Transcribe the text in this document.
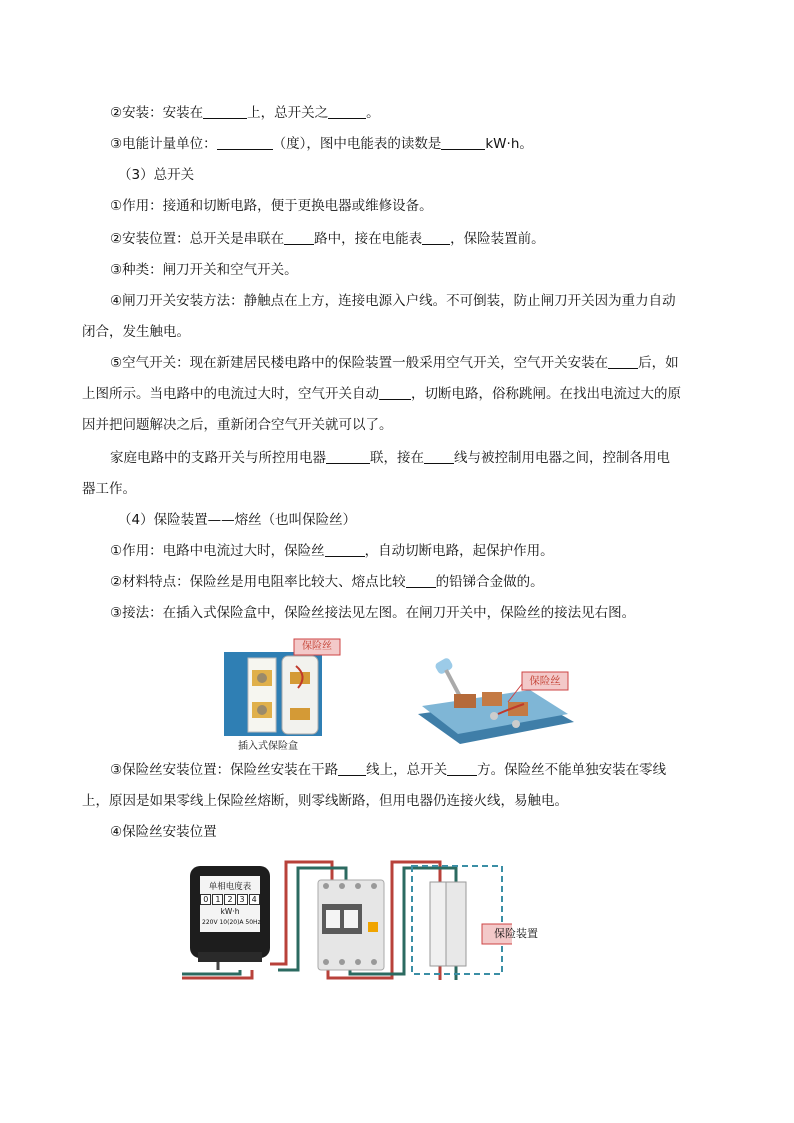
②安装：安装在	上，总开关之	。
③电能计量单位：	（度），图中电能表的读数是	kW·h。
（3）总开关
①作用：接通和切断电路，便于更换电器或维修设备。
②安装位置：总开关是串联在 路中，接在电能表 ，保险装置前。
③种类：闸刀开关和空气开关。
④闸刀开关安装方法：静触点在上方，连接电源入户线。不可倒装，防止闸刀开关因为重力自动
闭合，发生触电。
⑤空气开关：现在新建居民楼电路中的保险装置一般采用空气开关，空气开关安装在 后，如
上图所示。当电路中的电流过大时，空气开关自动 ，切断电路，俗称跳闸。在找出电流过大的原
因并把问题解决之后，重新闭合空气开关就可以了。
家庭电路中的支路开关与所控用电器	联，接在 线与被控制用电器之间，控制各用电
器工作。
（4）保险装置——熔丝（也叫保险丝）
①作用：电路中电流过大时，保险丝	，自动切断电路，起保护作用。
②材料特点：保险丝是用电阻率比较大、熔点比较 的铅锑合金做的。
③接法：在插入式保险盒中，保险丝接法见左图。在闸刀开关中，保险丝的接法见右图。
保险丝
插入式保险盒
保险丝
③保险丝安装位置：保险丝安装在干路 线上，总开关 方。保险丝不能单独安装在零线
上，原因是如果零线上保险丝熔断，则零线断路，但用电器仍连接火线，易触电。
④保险丝安装位置
单相电度表
0 1 2 3 4
kW·h
220V 10(20)A 50Hz
保险装置
